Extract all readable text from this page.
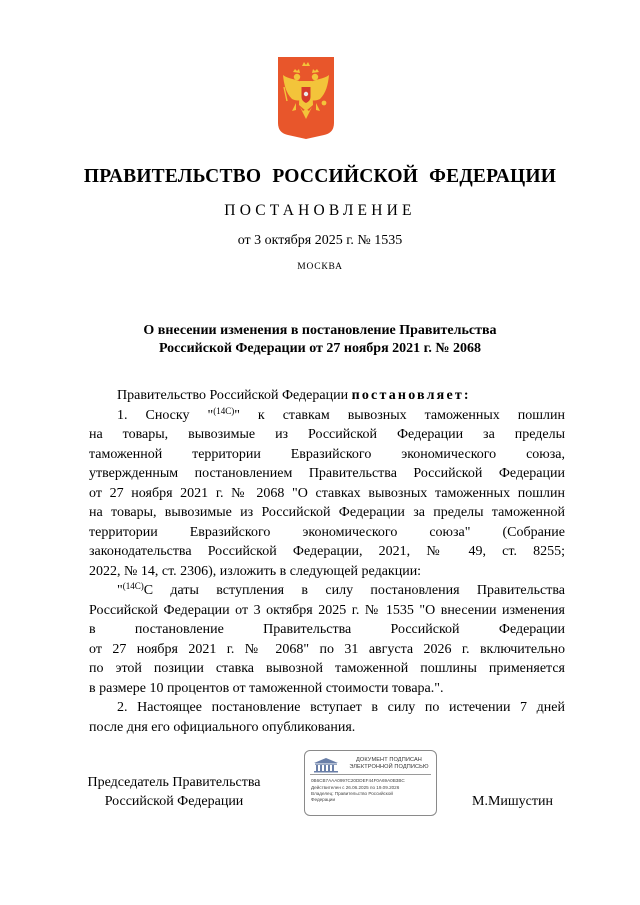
ПРАВИТЕЛЬСТВО РОССИЙСКОЙ ФЕДЕРАЦИИ
ПОСТАНОВЛЕНИЕ
от 3 октября 2025 г. № 1535
МОСКВА
О внесении изменения в постановление Правительства
Российской Федерации от 27 ноября 2021 г. № 2068
Правительство Российской Федерации постановляет:
1. Сноску "$^{(14С)}$" к ставкам вывозных таможенных пошлин
на товары, вывозимые из Российской Федерации за пределы
таможенной территории Евразийского экономического союза,
утвержденным постановлением Правительства Российской Федерации
от 27 ноября 2021 г. № 2068 "О ставках вывозных таможенных пошлин
на товары, вывозимые из Российской Федерации за пределы таможенной
территории Евразийского экономического союза" (Собрание
законодательства Российской Федерации, 2021, № 49, ст. 8255;
2022, № 14, ст. 2306), изложить в следующей редакции:
"$^{(14С)}$С даты вступления в силу постановления Правительства
Российской Федерации от 3 октября 2025 г. № 1535 "О внесении изменения
в постановление Правительства Российской Федерации
от 27 ноября 2021 г. № 2068" по 31 августа 2026 г. включительно
по этой позиции ставка вывозной таможенной пошлины применяется
в размере 10 процентов от таможенной стоимости товара.".
2. Настоящее постановление вступает в силу по истечении 7 дней
после дня его официального опубликования.
Председатель Правительства
Российской Федерации
ДОКУМЕНТ ПОДПИСАН
ЭЛЕКТРОННОЙ ПОДПИСЬЮ
0B6CB7AAA0997C20DDEF44F0A69A0B3BC
Действителен с 26.06.2025 по 19.09.2026
Владелец: Правительство Российской
Федерации	М.Мишустин
